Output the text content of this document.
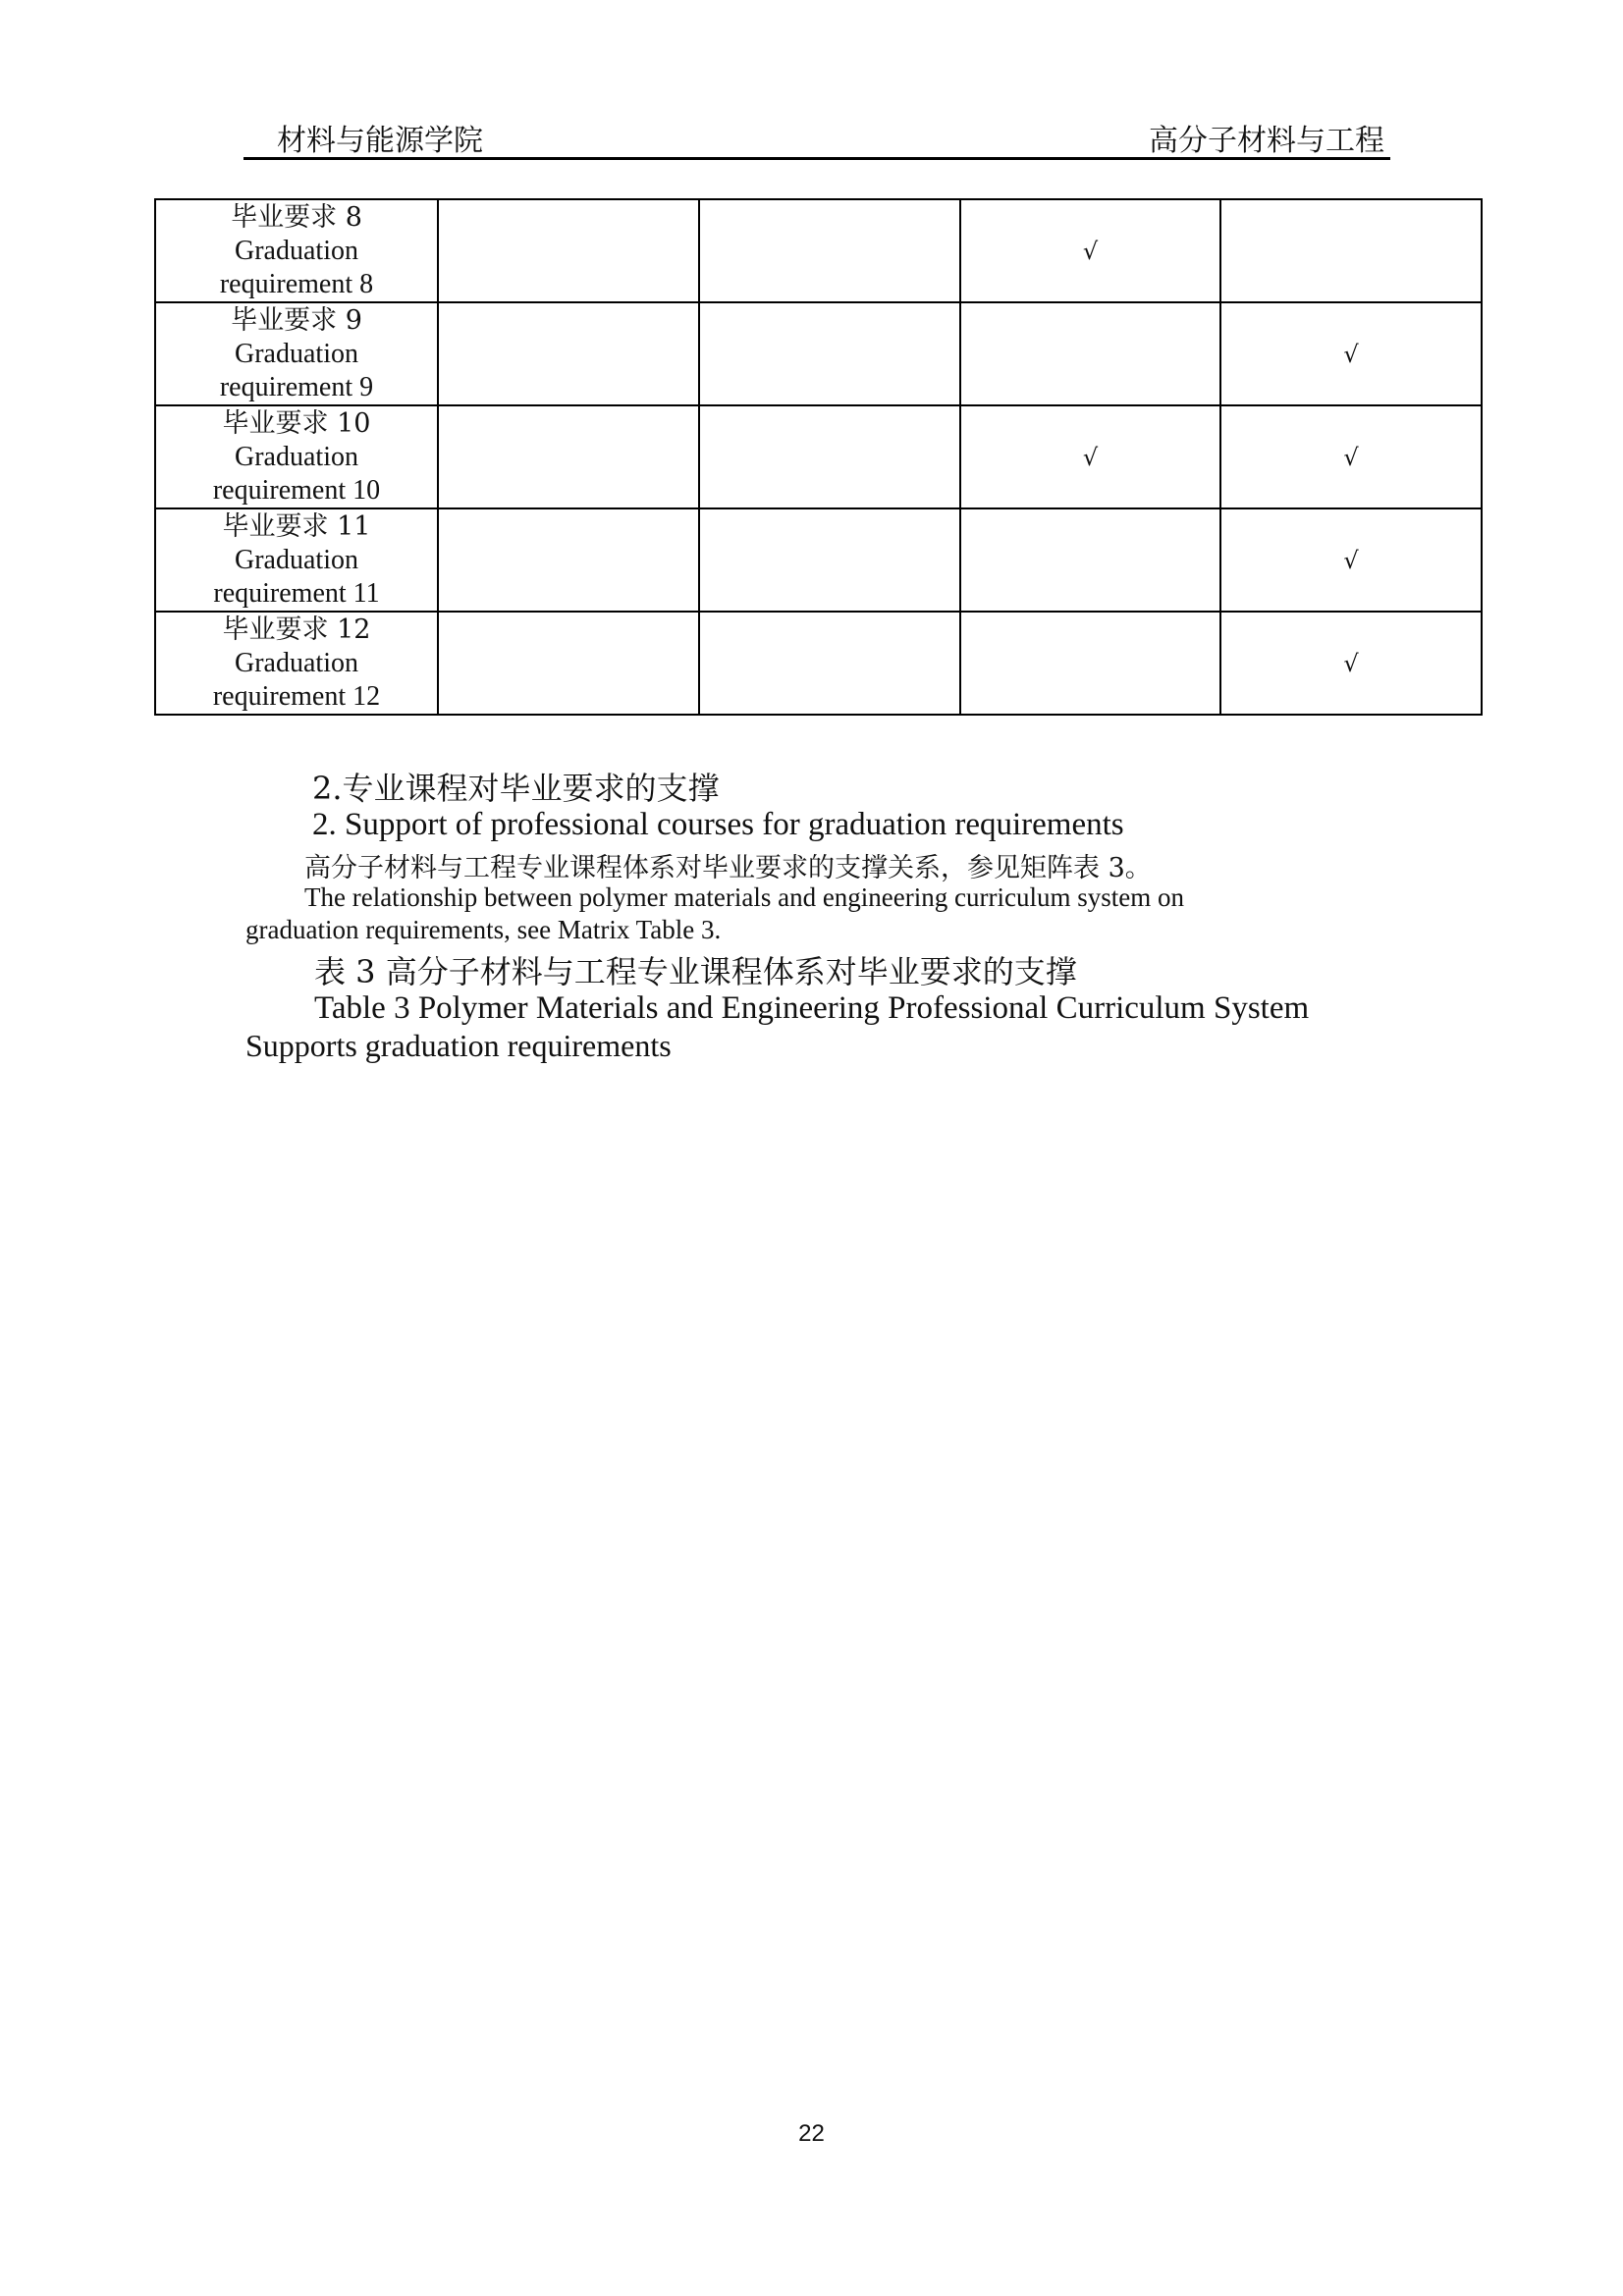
材料与能源学院	高分子材料与工程
毕业要求 8
Graduation
requirement 8			√	

毕业要求 9
Graduation
requirement 9				√

毕业要求 10
Graduation
requirement 10			√	√

毕业要求 11
Graduation
requirement 11				√

毕业要求 12
Graduation
requirement 12				√
2.专业课程对毕业要求的支撑
2. Support of professional courses for graduation requirements
高分子材料与工程专业课程体系对毕业要求的支撑关系，参见矩阵表 3。
The relationship between polymer materials and engineering curriculum system on
graduation requirements, see Matrix Table 3.
表 3 高分子材料与工程专业课程体系对毕业要求的支撑
Table 3 Polymer Materials and Engineering Professional Curriculum System
Supports graduation requirements
22
